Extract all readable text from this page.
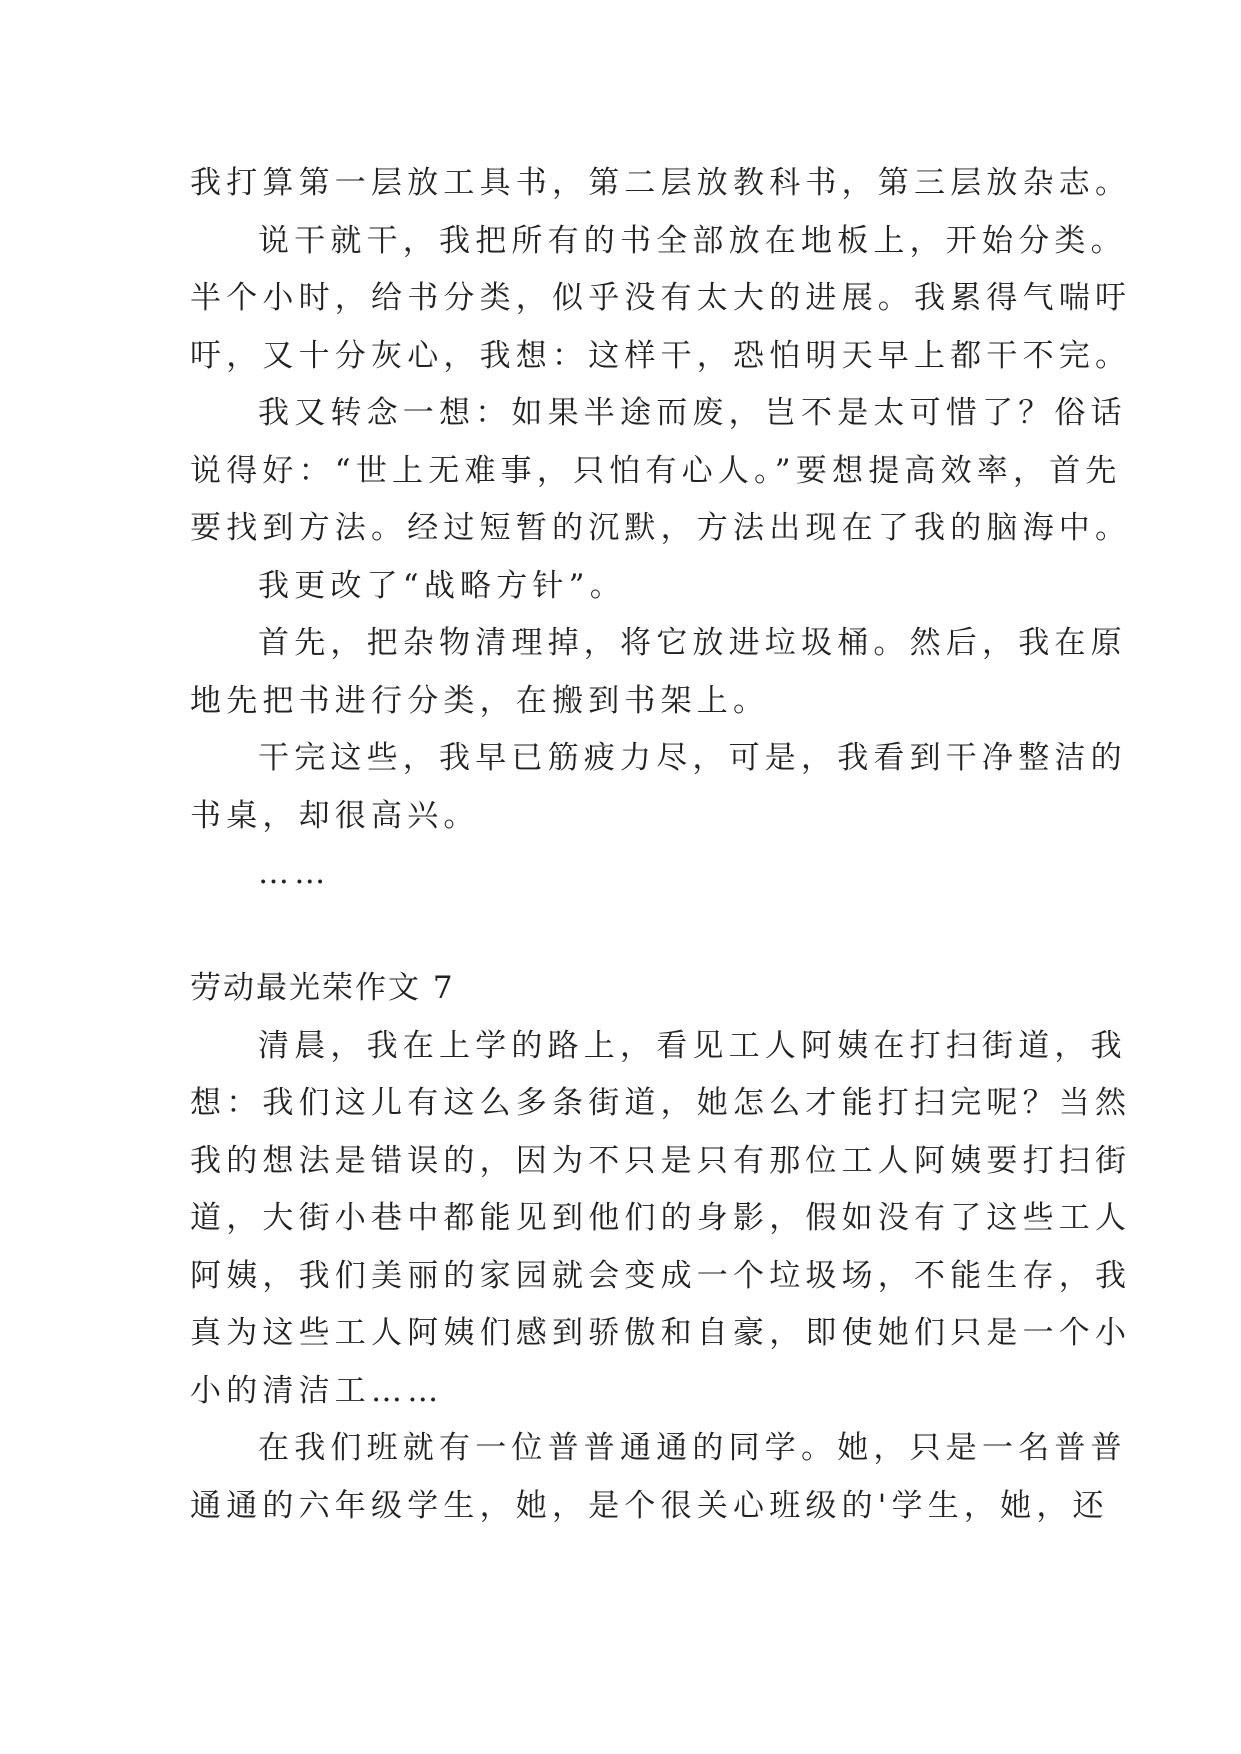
我打算第一层放工具书，第二层放教科书，第三层放杂志。
说干就干，我把所有的书全部放在地板上，开始分类。
半个小时，给书分类，似乎没有太大的进展。我累得气喘吁
吁，又十分灰心，我想：这样干，恐怕明天早上都干不完。
我又转念一想：如果半途而废，岂不是太可惜了？俗话
说得好：“世上无难事，只怕有心人。”要想提高效率，首先
要找到方法。经过短暂的沉默，方法出现在了我的脑海中。
我更改了“战略方针”。
首先，把杂物清理掉，将它放进垃圾桶。然后，我在原
地先把书进行分类，在搬到书架上。
干完这些，我早已筋疲力尽，可是，我看到干净整洁的
书桌，却很高兴。
……
劳动最光荣作文 7
清晨，我在上学的路上，看见工人阿姨在打扫街道，我
想：我们这儿有这么多条街道，她怎么才能打扫完呢？当然
我的想法是错误的，因为不只是只有那位工人阿姨要打扫街
道，大街小巷中都能见到他们的身影，假如没有了这些工人
阿姨，我们美丽的家园就会变成一个垃圾场，不能生存，我
真为这些工人阿姨们感到骄傲和自豪，即使她们只是一个小
小的清洁工……
在我们班就有一位普普通通的同学。她，只是一名普普
通通的六年级学生，她，是个很关心班级的'学生，她，还
